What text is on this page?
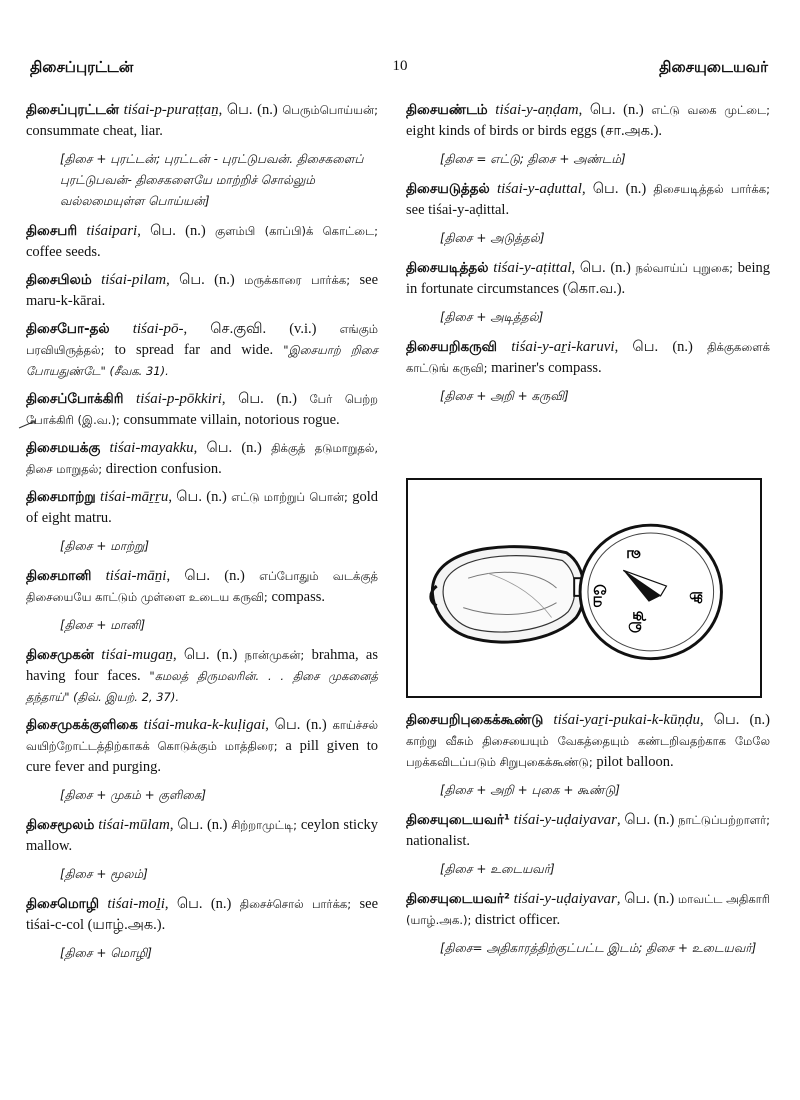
திசைப்புரட்டன்	10	திசையுடையவர்
திசைப்புரட்டன் tiśai-p-puraṭṭaṉ, பெ. (n.) பெரும்பொய்யன்; consummate cheat, liar.
[திசை + புரட்டன்; புரட்டன் - புரட்டுபவன். திசைகளைப் புரட்டுபவன்- திசைகளையே மாற்றிச் சொல்லும் வல்லமையுள்ள பொய்யன்]
திசைபரி tiśaipari, பெ. (n.) குளம்பி (காப்பி)க் கொட்டை; coffee seeds.
திசைபிலம் tiśai-pilam, பெ. (n.) மருக்காரை பார்க்க; see maru-k-kārai.
திசைபோ-தல் tiśai-pō-, செ.குவி. (v.i.) எங்கும் பரவியிருத்தல்; to spread far and wide. "இசையாற் றிசை போயதுண்டே" (சீவக. 31).
திசைப்போக்கிரி tiśai-p-pōkkiri, பெ. (n.) பேர் பெற்ற போக்கிரி (இ.வ.); consummate villain, notorious rogue.
திசைமயக்கு tiśai-mayakku, பெ. (n.) திக்குத் தடுமாறுதல், திசை மாறுதல்; direction confusion.
திசைமாற்று tiśai-māṟṟu, பெ. (n.) எட்டு மாற்றுப் பொன்; gold of eight matru.
[திசை + மாற்று]
திசைமானி tiśai-māṉi, பெ. (n.) எப்போதும் வடக்குத் திசையையே காட்டும் முள்ளை உடைய கருவி; compass.
[திசை + மானி]
திசைமுகன் tiśai-mugaṉ, பெ. (n.) நான்முகன்; brahma, as having four faces. "கமலத் திருமலரின். . . திசை முகனைத் தந்தாய்" (திவ். இயற். 2, 37).
திசைமுகக்குளிகை tiśai-muka-k-kuḷigai, பெ. (n.) காய்ச்சல் வயிற்றோட்டத்திற்காகக் கொடுக்கும் மாத்திரை; a pill given to cure fever and purging.
[திசை + முகம் + குளிகை]
திசைமூலம் tiśai-mūlam, பெ. (n.) சிற்றாமுட்டி; ceylon sticky mallow.
[திசை + மூலம்]
திசைமொழி tiśai-moḻi, பெ. (n.) திசைச்சொல் பார்க்க; see tiśai-c-col (யாழ்.அக.).
[திசை + மொழி]
திசையண்டம் tiśai-y-aṇḍam, பெ. (n.) எட்டு வகை முட்டை; eight kinds of birds or birds eggs (சா.அக.).
[திசை = எட்டு; திசை + அண்டம்]
திசையடுத்தல் tiśai-y-aḍuttal, பெ. (n.) திசையடித்தல் பார்க்க; see tiśai-y-aḍittal.
[திசை + அடுத்தல்]
திசையடித்தல் tiśai-y-aṭittal, பெ. (n.) நல்வாய்ப் புறுகை; being in fortunate circumstances (கொ.வ.).
[திசை + அடித்தல்]
திசையறிகருவி tiśai-y-aṟi-karuvi, பெ. (n.) திக்குகளைக் காட்டுங் கருவி; mariner's compass.
[திசை + அறி + கருவி]
வ
கி
தெ
மே
திசையறிபுகைக்கூண்டு tiśai-yaṟi-pukai-k-kūṇḍu, பெ. (n.) காற்று வீசும் திசையையும் வேகத்தையும் கண்டறிவதற்காக மேலே பறக்கவிடப்படும் சிறுபுகைக்கூண்டு; pilot balloon.
[திசை + அறி + புகை + கூண்டு]
திசையுடையவர்¹ tiśai-y-uḍaiyavar, பெ. (n.) நாட்டுப்பற்றாளர்; nationalist.
[திசை + உடையவர்]
திசையுடையவர்² tiśai-y-uḍaiyavar, பெ. (n.) மாவட்ட அதிகாரி (யாழ்.அக.); district officer.
[திசை= அதிகாரத்திற்குட்பட்ட இடம்; திசை + உடையவர்]
